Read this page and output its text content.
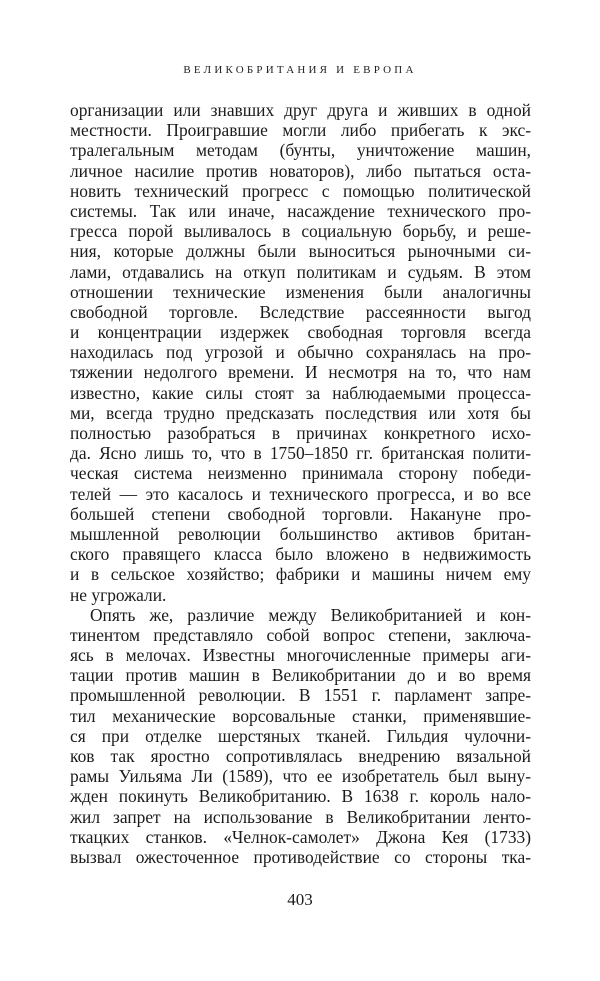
ВЕЛИКОБРИТАНИЯ И ЕВРОПА
организации или знавших друг друга и живших в одной
местности. Проигравшие могли либо прибегать к экс-
тралегальным методам (бунты, уничтожение машин,
личное насилие против новаторов), либо пытаться оста-
новить технический прогресс с помощью политической
системы. Так или иначе, насаждение технического про-
гресса порой выливалось в социальную борьбу, и реше-
ния, которые должны были выноситься рыночными си-
лами, отдавались на откуп политикам и судьям. В этом
отношении технические изменения были аналогичны
свободной торговле. Вследствие рассеянности выгод
и концентрации издержек свободная торговля всегда
находилась под угрозой и обычно сохранялась на про-
тяжении недолгого времени. И несмотря на то, что нам
известно, какие силы стоят за наблюдаемыми процесса-
ми, всегда трудно предсказать последствия или хотя бы
полностью разобраться в причинах конкретного исхо-
да. Ясно лишь то, что в 1750–1850 гг. британская полити-
ческая система неизменно принимала сторону победи-
телей — это касалось и технического прогресса, и во все
большей степени свободной торговли. Накануне про-
мышленной революции большинство активов британ-
ского правящего класса было вложено в недвижимость
и в сельское хозяйство; фабрики и машины ничем ему
не угрожали.
Опять же, различие между Великобританией и кон-
тинентом представляло собой вопрос степени, заключа-
ясь в мелочах. Известны многочисленные примеры аги-
тации против машин в Великобритании до и во время
промышленной революции. В 1551 г. парламент запре-
тил механические ворсовальные станки, применявшие-
ся при отделке шерстяных тканей. Гильдия чулочни-
ков так яростно сопротивлялась внедрению вязальной
рамы Уильяма Ли (1589), что ее изобретатель был выну-
жден покинуть Великобританию. В 1638 г. король нало-
жил запрет на использование в Великобритании ленто-
ткацких станков. «Челнок-самолет» Джона Кея (1733)
вызвал ожесточенное противодействие со стороны тка-
403
